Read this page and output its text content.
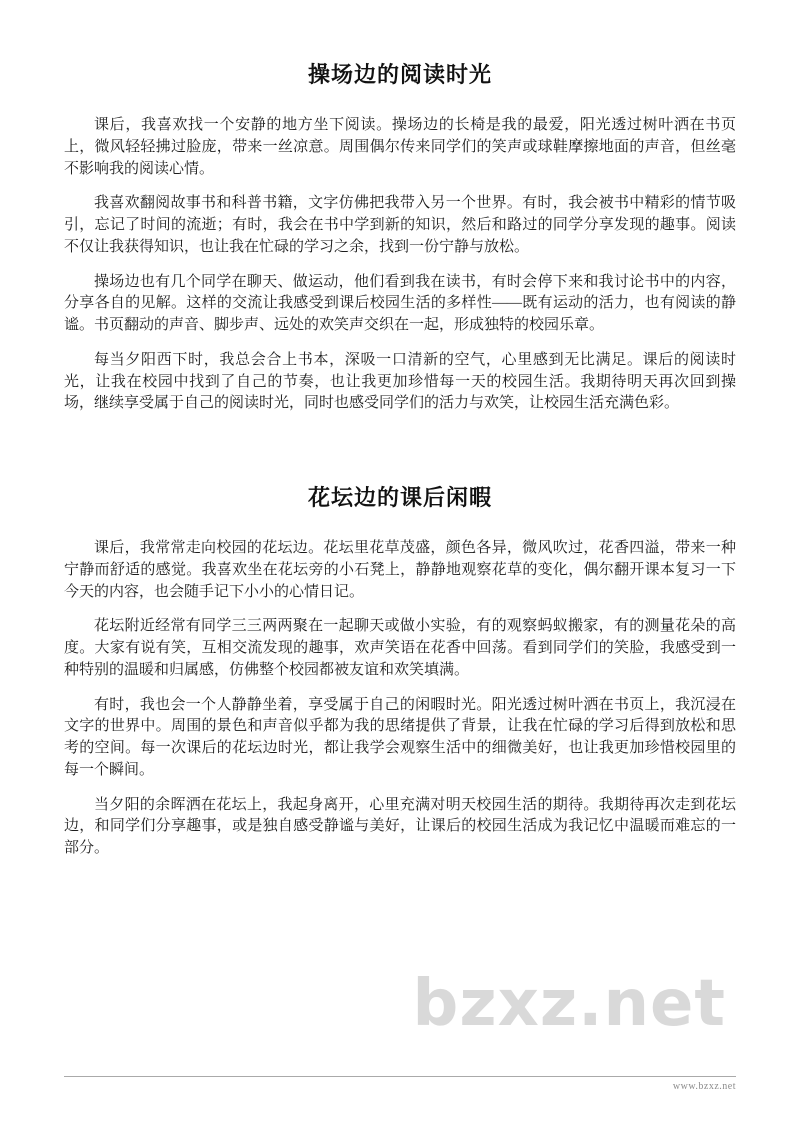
操场边的阅读时光

课后，我喜欢找一个安静的地方坐下阅读。操场边的长椅是我的最爱，阳光透过树叶洒在书页上，微风轻轻拂过脸庞，带来一丝凉意。周围偶尔传来同学们的笑声或球鞋摩擦地面的声音，但丝毫不影响我的阅读心情。

我喜欢翻阅故事书和科普书籍，文字仿佛把我带入另一个世界。有时，我会被书中精彩的情节吸引，忘记了时间的流逝；有时，我会在书中学到新的知识，然后和路过的同学分享发现的趣事。阅读不仅让我获得知识，也让我在忙碌的学习之余，找到一份宁静与放松。

操场边也有几个同学在聊天、做运动，他们看到我在读书，有时会停下来和我讨论书中的内容，分享各自的见解。这样的交流让我感受到课后校园生活的多样性——既有运动的活力，也有阅读的静谧。书页翻动的声音、脚步声、远处的欢笑声交织在一起，形成独特的校园乐章。

每当夕阳西下时，我总会合上书本，深吸一口清新的空气，心里感到无比满足。课后的阅读时光，让我在校园中找到了自己的节奏，也让我更加珍惜每一天的校园生活。我期待明天再次回到操场，继续享受属于自己的阅读时光，同时也感受同学们的活力与欢笑，让校园生活充满色彩。

花坛边的课后闲暇

课后，我常常走向校园的花坛边。花坛里花草茂盛，颜色各异，微风吹过，花香四溢，带来一种宁静而舒适的感觉。我喜欢坐在花坛旁的小石凳上，静静地观察花草的变化，偶尔翻开课本复习一下今天的内容，也会随手记下小小的心情日记。

花坛附近经常有同学三三两两聚在一起聊天或做小实验，有的观察蚂蚁搬家，有的测量花朵的高度。大家有说有笑，互相交流发现的趣事，欢声笑语在花香中回荡。看到同学们的笑脸，我感受到一种特别的温暖和归属感，仿佛整个校园都被友谊和欢笑填满。

有时，我也会一个人静静坐着，享受属于自己的闲暇时光。阳光透过树叶洒在书页上，我沉浸在文字的世界中。周围的景色和声音似乎都为我的思绪提供了背景，让我在忙碌的学习后得到放松和思考的空间。每一次课后的花坛边时光，都让我学会观察生活中的细微美好，也让我更加珍惜校园里的每一个瞬间。

当夕阳的余晖洒在花坛上，我起身离开，心里充满对明天校园生活的期待。我期待再次走到花坛边，和同学们分享趣事，或是独自感受静谧与美好，让课后的校园生活成为我记忆中温暖而难忘的一部分。

bzxz.net
www.bzxz.net
